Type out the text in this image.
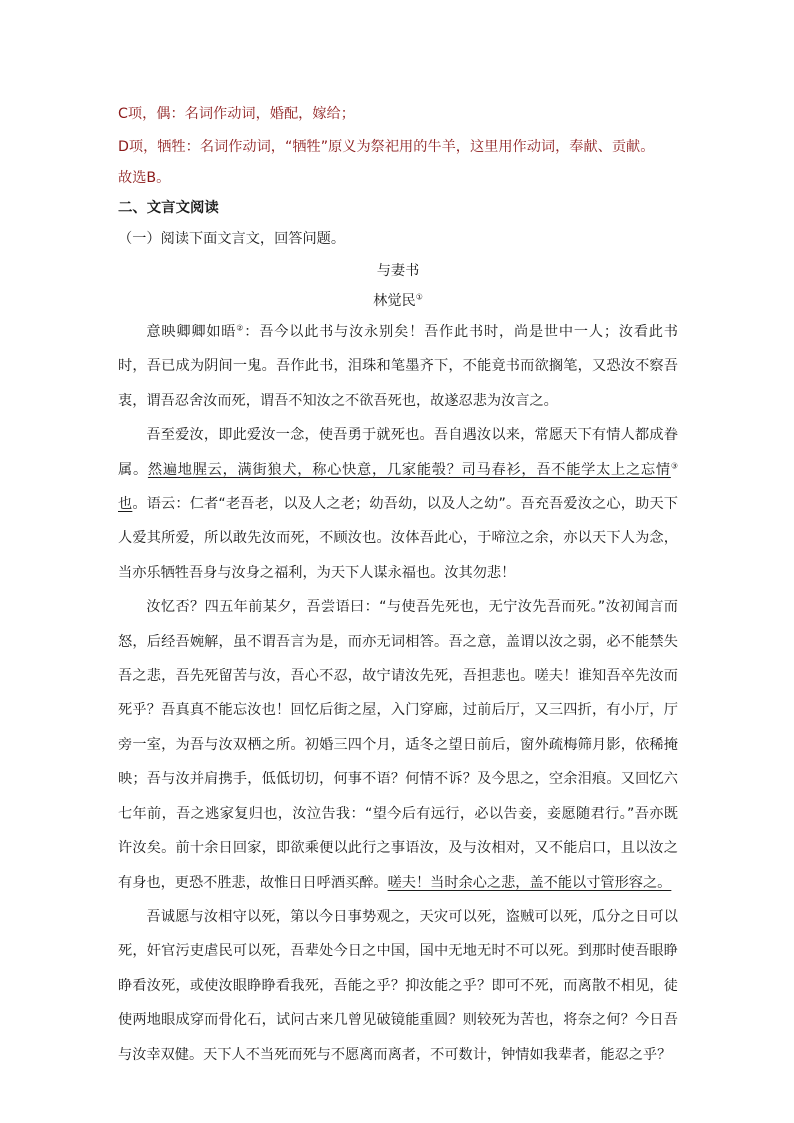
C项，偶：名词作动词，婚配，嫁给；
D项，牺牲：名词作动词，“牺牲”原义为祭祀用的牛羊，这里用作动词，奉献、贡献。
故选B。
二、文言文阅读
（一）阅读下面文言文，回答问题。
与妻书
林觉民①

意映卿卿如晤②：吾今以此书与汝永别矣！吾作此书时，尚是世中一人；汝看此书时，吾已成为阴间一鬼。吾作此书，泪珠和笔墨齐下，不能竟书而欲搁笔，又恐汝不察吾衷，谓吾忍舍汝而死，谓吾不知汝之不欲吾死也，故遂忍悲为汝言之。

吾至爱汝，即此爱汝一念，使吾勇于就死也。吾自遇汝以来，常愿天下有情人都成眷属。然遍地腥云，满街狼犬，称心快意，几家能彀？司马春衫，吾不能学太上之忘情③也。语云：仁者“老吾老，以及人之老；幼吾幼，以及人之幼”。吾充吾爱汝之心，助天下人爱其所爱，所以敢先汝而死，不顾汝也。汝体吾此心，于啼泣之余，亦以天下人为念，当亦乐牺牲吾身与汝身之福利，为天下人谋永福也。汝其勿悲！

汝忆否？四五年前某夕，吾尝语曰：“与使吾先死也，无宁汝先吾而死。”汝初闻言而怒，后经吾婉解，虽不谓吾言为是，而亦无词相答。吾之意，盖谓以汝之弱，必不能禁失吾之悲，吾先死留苦与汝，吾心不忍，故宁请汝先死，吾担悲也。嗟夫！谁知吾卒先汝而死乎？吾真真不能忘汝也！回忆后街之屋，入门穿廊，过前后厅，又三四折，有小厅，厅旁一室，为吾与汝双栖之所。初婚三四个月，适冬之望日前后，窗外疏梅筛月影，依稀掩映；吾与汝并肩携手，低低切切，何事不语？何情不诉？及今思之，空余泪痕。又回忆六七年前，吾之逃家复归也，汝泣告我：“望今后有远行，必以告妾，妾愿随君行。”吾亦既许汝矣。前十余日回家，即欲乘便以此行之事语汝，及与汝相对，又不能启口，且以汝之有身也，更恐不胜悲，故惟日日呼酒买醉。嗟夫！当时余心之悲，盖不能以寸管形容之。

吾诚愿与汝相守以死，第以今日事势观之，天灾可以死，盗贼可以死，瓜分之日可以死，奸官污吏虐民可以死，吾辈处今日之中国，国中无地无时不可以死。到那时使吾眼睁睁看汝死，或使汝眼睁睁看我死，吾能之乎？抑汝能之乎？即可不死，而离散不相见，徒使两地眼成穿而骨化石，试问古来几曾见破镜能重圆？则较死为苦也，将奈之何？今日吾与汝幸双健。天下人不当死而死与不愿离而离者，不可数计，钟情如我辈者，能忍之乎？
